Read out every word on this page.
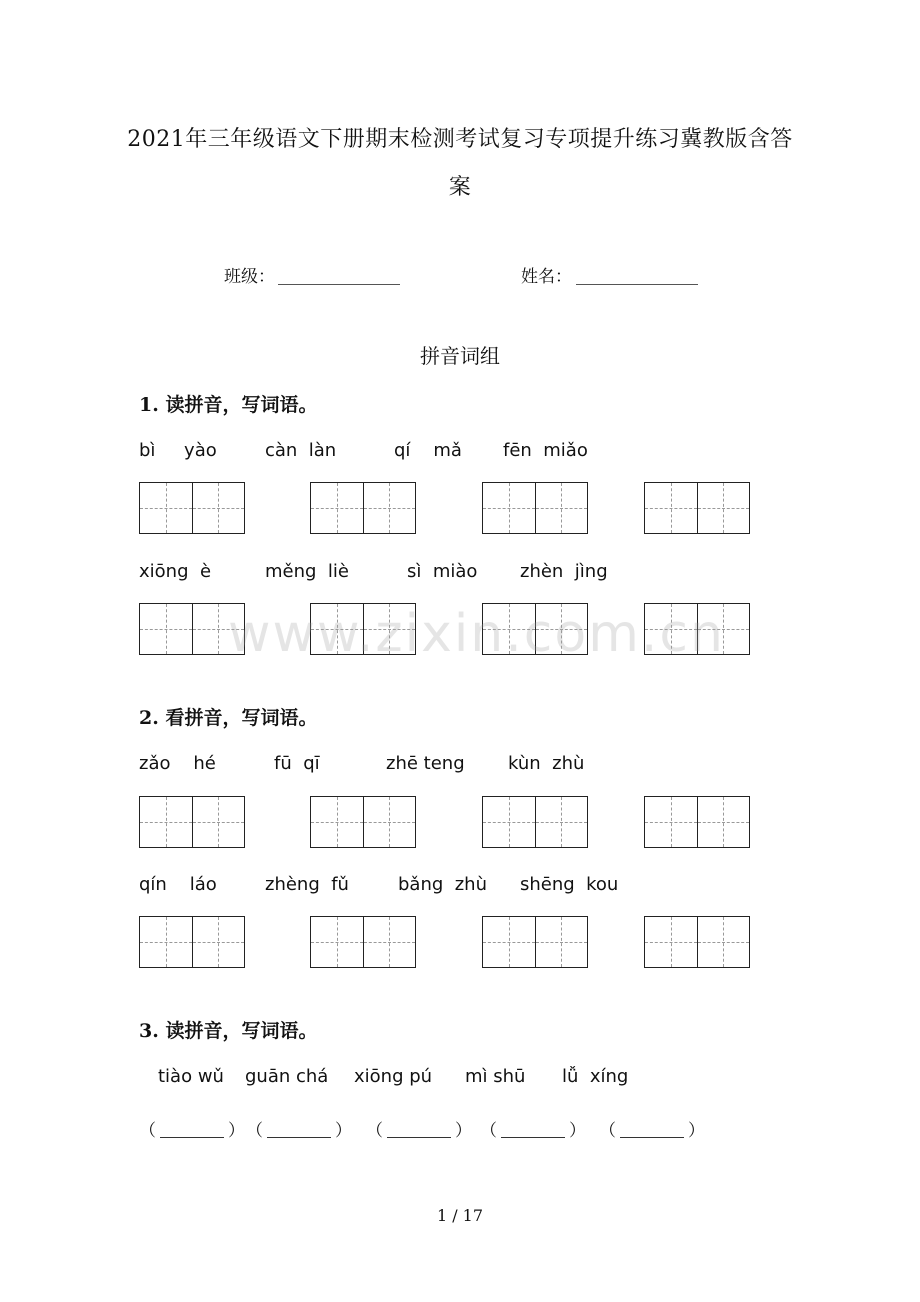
2021年三年级语文下册期末检测考试复习专项提升练习冀教版含答案
班级：	姓名：
拼音词组
1. 读拼音，写词语。
bì     yào	càn  làn	qí    mǎ fēn  miǎo
xiōng  è	měng  liè	sì  miào zhèn  jìng
2. 看拼音，写词语。
zǎo    hé	fū  qī	zhē teng kùn  zhù
qín    láo	zhèng  fǔ	bǎng  zhù shēng  kou
3. 读拼音，写词语。
tiào wǔ guān chá xiōng pú mì shū lǚ  xíng
（	） （	） （	） （	） （	）
www.zixin.com.cn
1 / 17
